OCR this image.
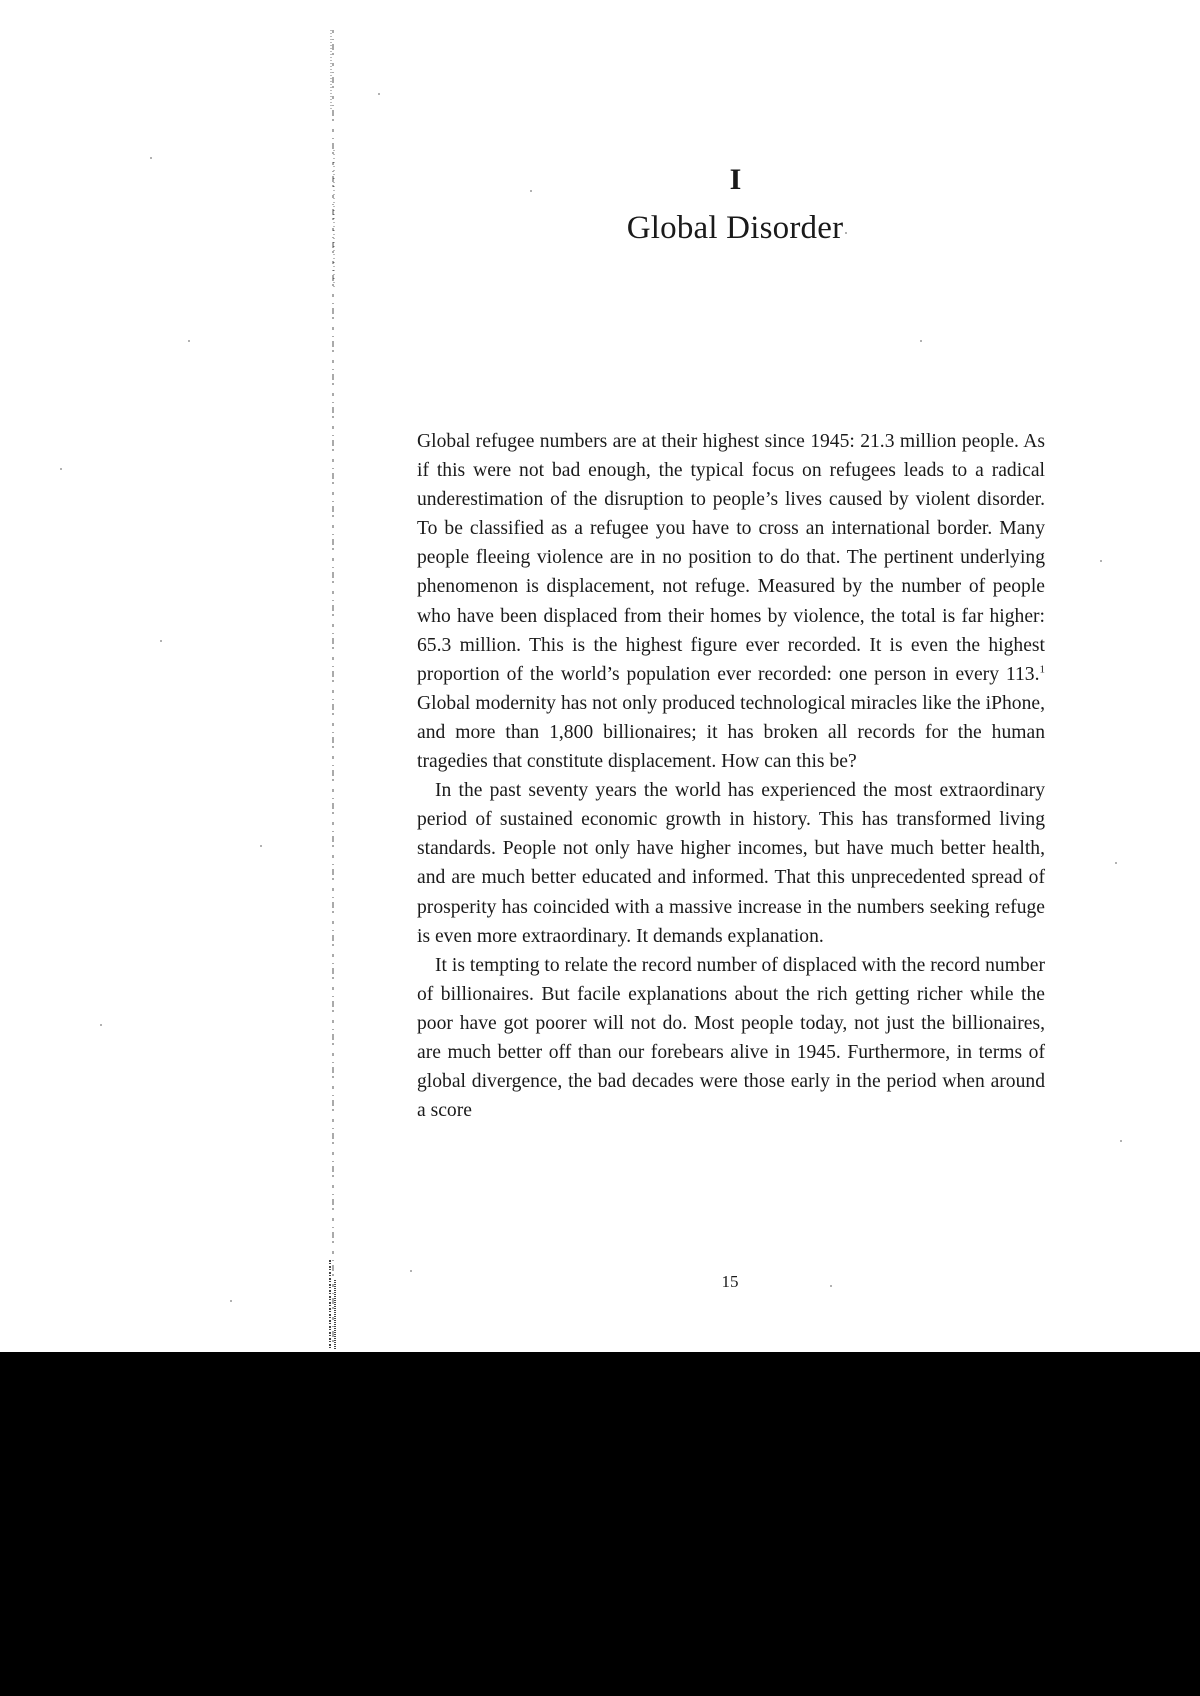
I
Global Disorder

Global refugee numbers are at their highest since 1945: 21.3 million people. As if this were not bad enough, the typical focus on refugees leads to a radical underestimation of the disruption to people’s lives caused by violent disorder. To be classified as a refugee you have to cross an international border. Many people fleeing violence are in no position to do that. The pertinent underlying phenomenon is displacement, not refuge. Measured by the number of people who have been displaced from their homes by violence, the total is far higher: 65.3 million. This is the highest figure ever recorded. It is even the highest proportion of the world’s population ever recorded: one person in every 113.$^1$ Global modernity has not only produced technological miracles like the iPhone, and more than 1,800 billionaires; it has broken all records for the human tragedies that constitute displacement. How can this be?

In the past seventy years the world has experienced the most extraordinary period of sustained economic growth in history. This has transformed living standards. People not only have higher incomes, but have much better health, and are much better educated and informed. That this unprecedented spread of prosperity has coincided with a massive increase in the numbers seeking refuge is even more extraordinary. It demands explanation.

It is tempting to relate the record number of displaced with the record number of billionaires. But facile explanations about the rich getting richer while the poor have got poorer will not do. Most people today, not just the billionaires, are much better off than our forebears alive in 1945. Furthermore, in terms of global divergence, the bad decades were those early in the period when around a score

15
